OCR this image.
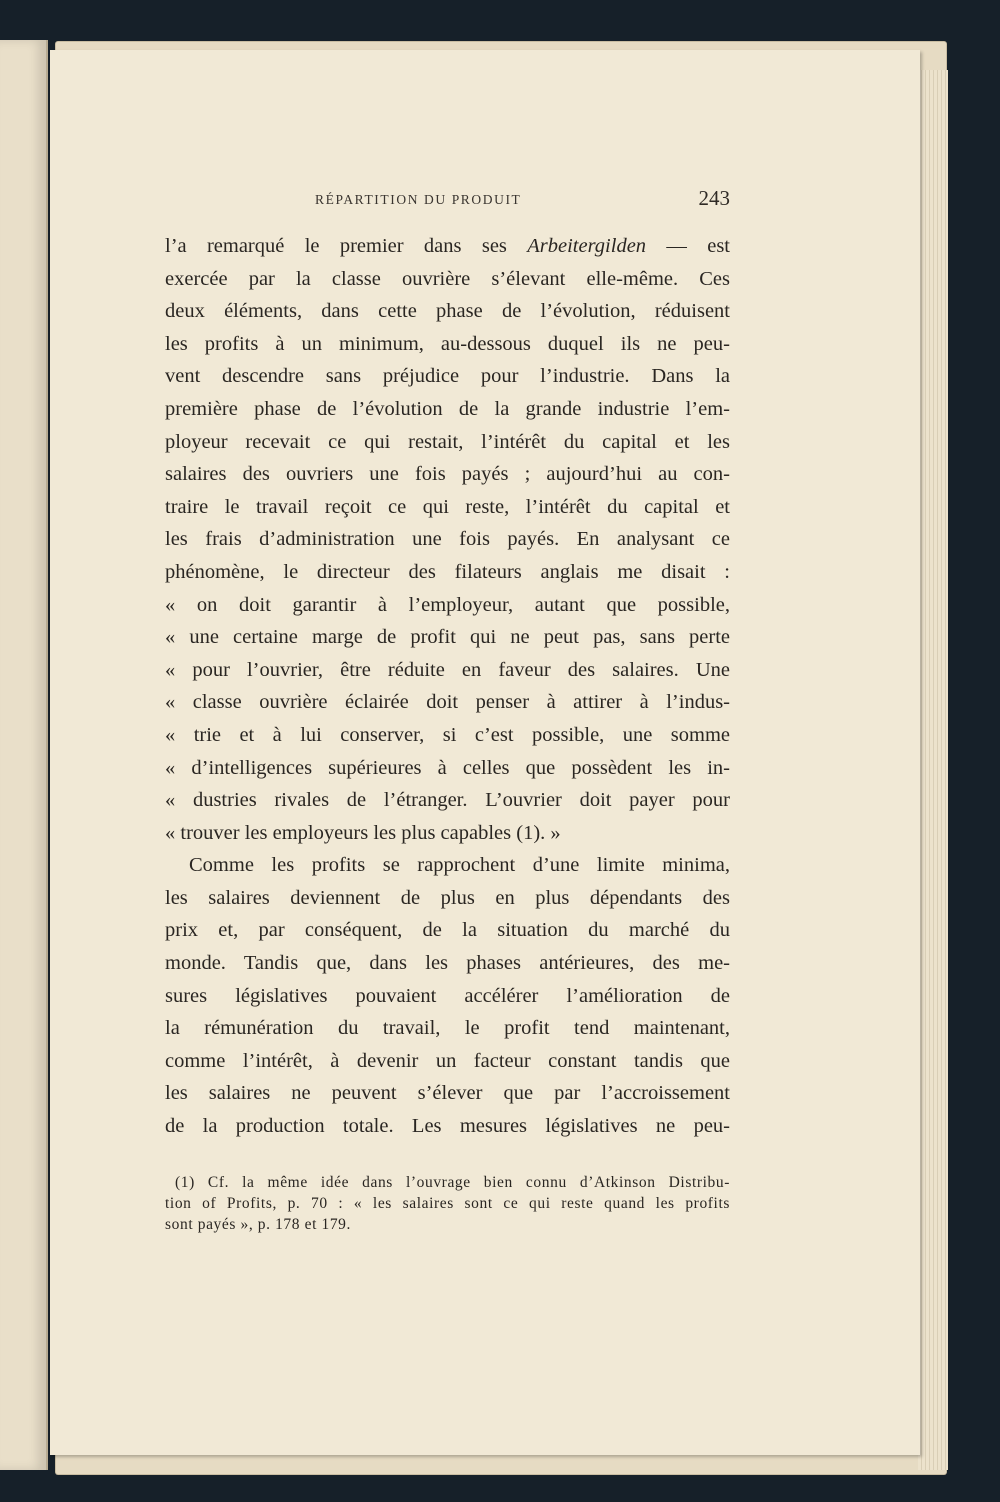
RÉPARTITION DU PRODUIT	243
l’a remarqué le premier dans ses Arbeitergilden — est
exercée par la classe ouvrière s’élevant elle-même. Ces
deux éléments, dans cette phase de l’évolution, réduisent
les profits à un minimum, au-dessous duquel ils ne peu-
vent descendre sans préjudice pour l’industrie. Dans la
première phase de l’évolution de la grande industrie l’em-
ployeur recevait ce qui restait, l’intérêt du capital et les
salaires des ouvriers une fois payés ; aujourd’hui au con-
traire le travail reçoit ce qui reste, l’intérêt du capital et
les frais d’administration une fois payés. En analysant ce
phénomène, le directeur des filateurs anglais me disait :
« on doit garantir à l’employeur, autant que possible,
« une certaine marge de profit qui ne peut pas, sans perte
« pour l’ouvrier, être réduite en faveur des salaires. Une
« classe ouvrière éclairée doit penser à attirer à l’indus-
« trie et à lui conserver, si c’est possible, une somme
« d’intelligences supérieures à celles que possèdent les in-
« dustries rivales de l’étranger. L’ouvrier doit payer pour
« trouver les employeurs les plus capables (1). »
Comme les profits se rapprochent d’une limite minima,
les salaires deviennent de plus en plus dépendants des
prix et, par conséquent, de la situation du marché du
monde. Tandis que, dans les phases antérieures, des me-
sures législatives pouvaient accélérer l’amélioration de
la rémunération du travail, le profit tend maintenant,
comme l’intérêt, à devenir un facteur constant tandis que
les salaires ne peuvent s’élever que par l’accroissement
de la production totale. Les mesures législatives ne peu-
(1) Cf. la même idée dans l’ouvrage bien connu d’Atkinson Distribu-
tion of Profits, p. 70 : « les salaires sont ce qui reste quand les profits
sont payés », p. 178 et 179.
